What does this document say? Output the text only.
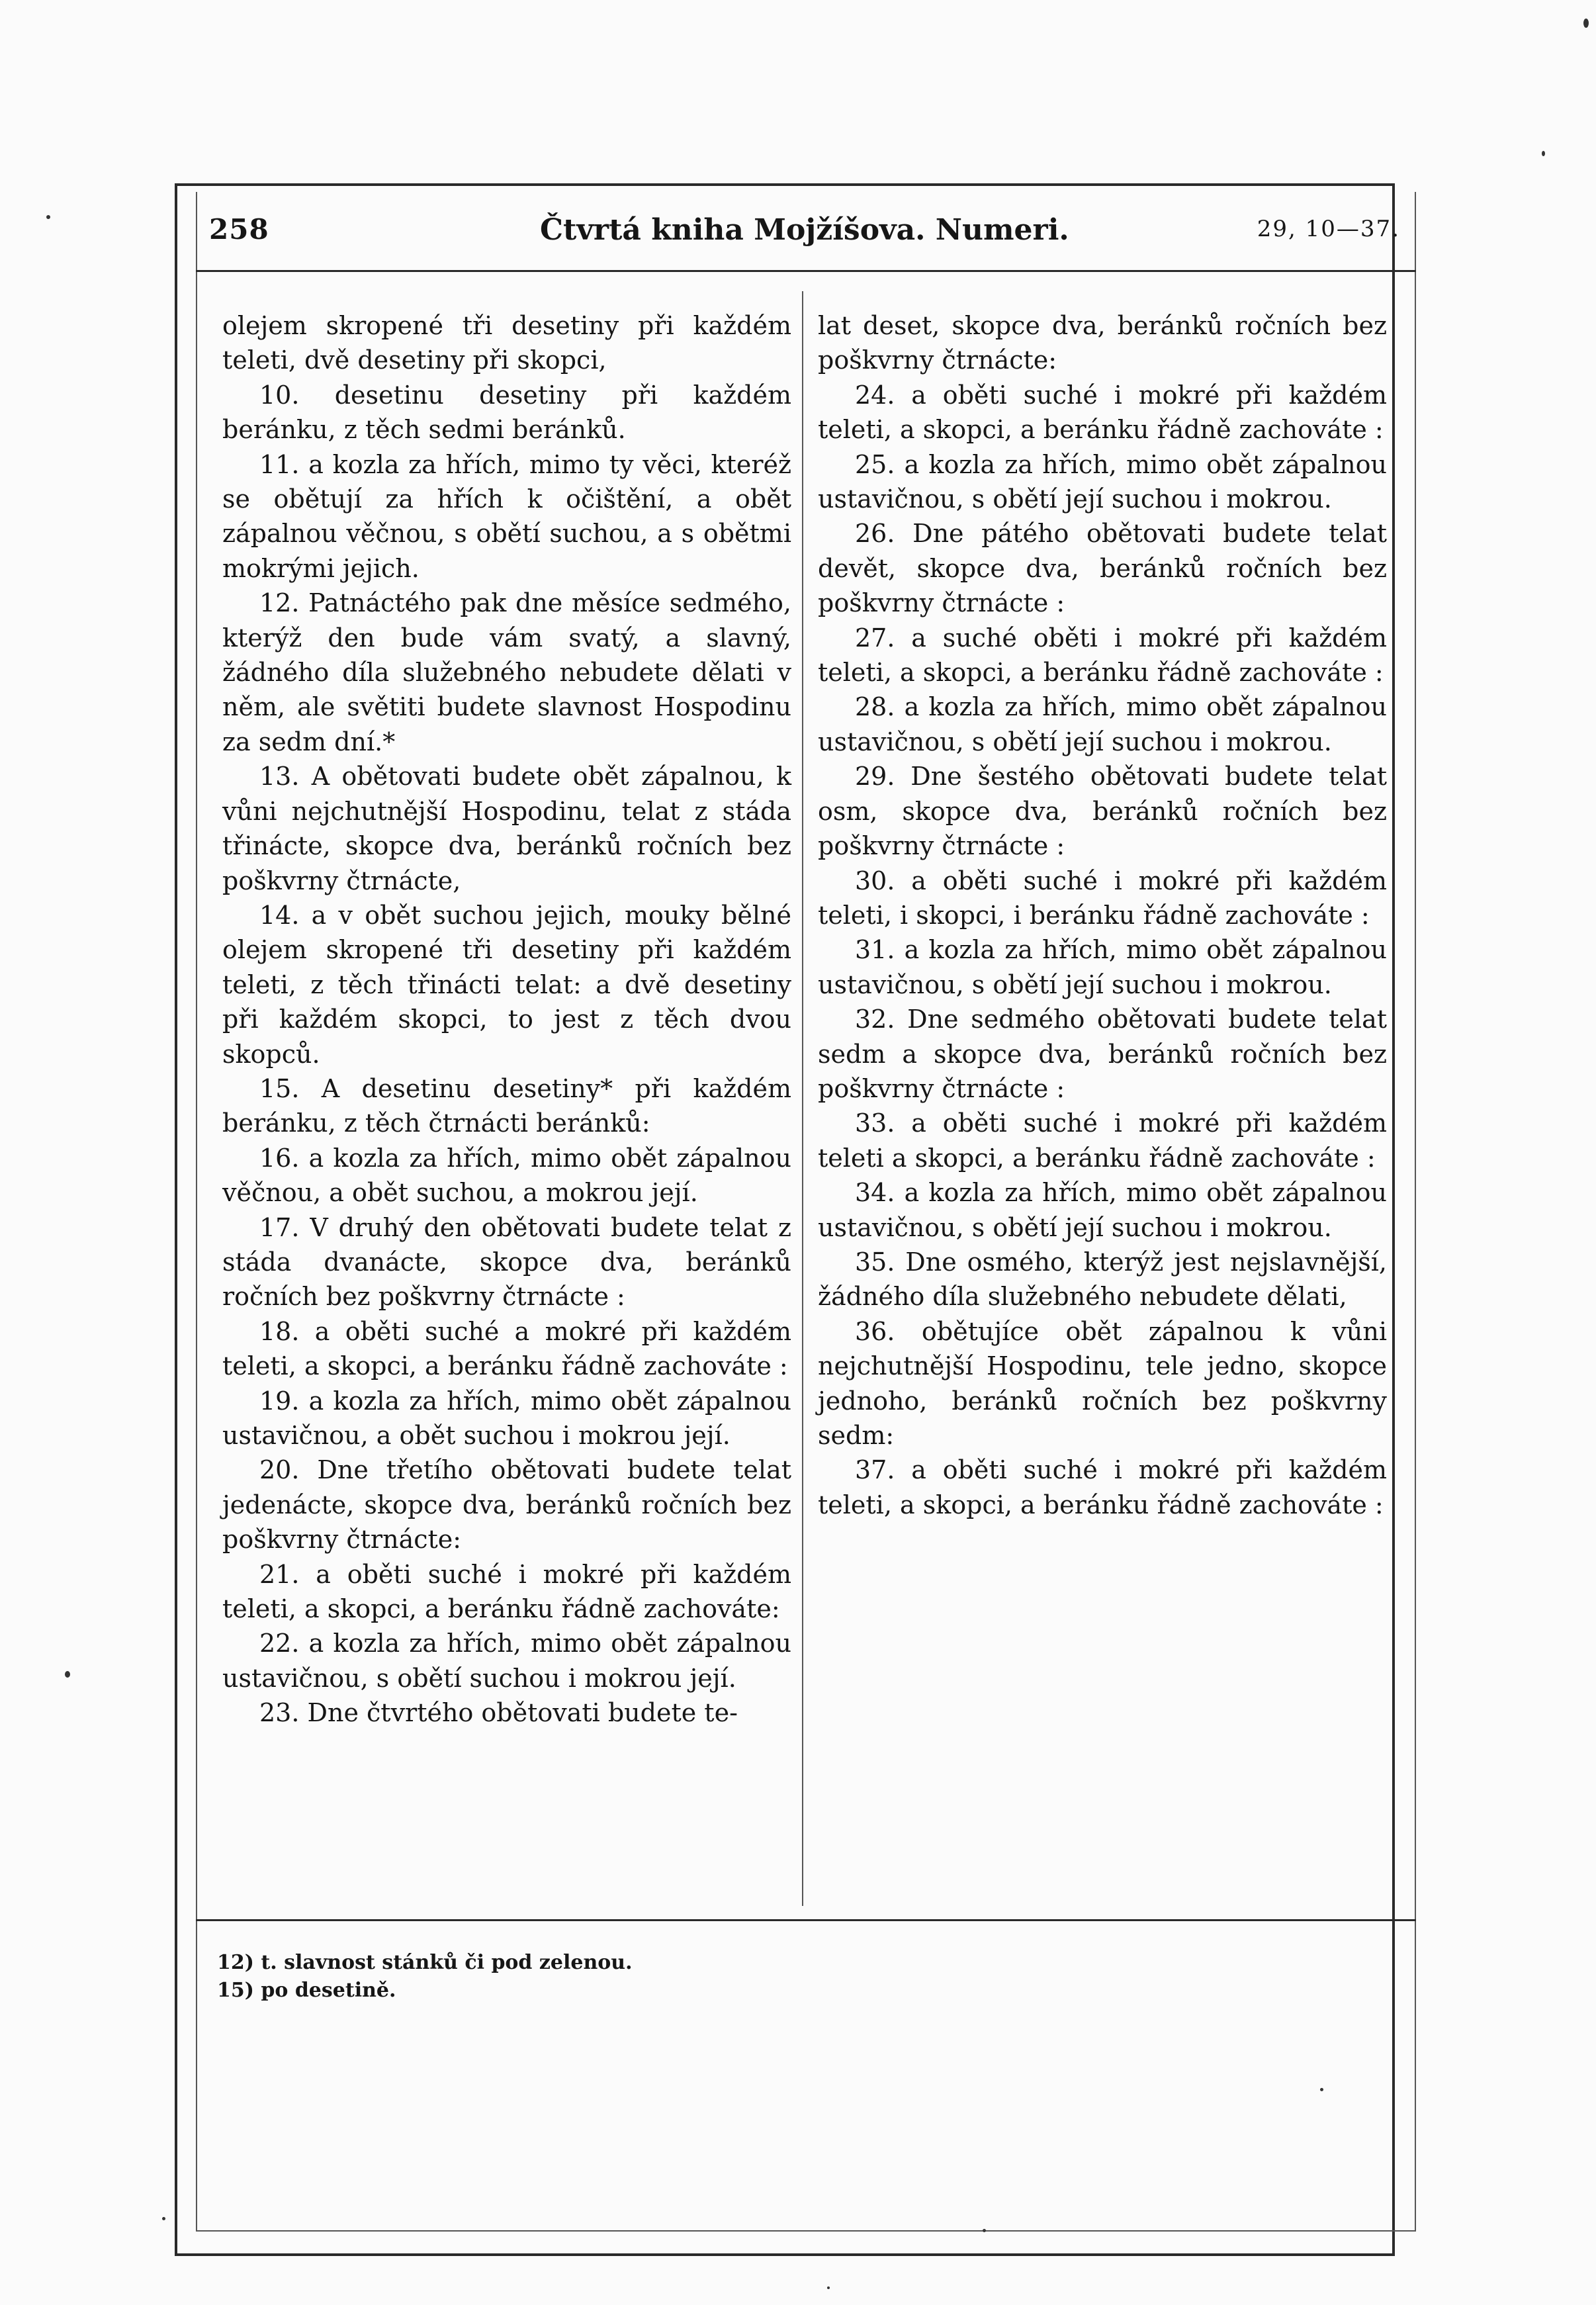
258	Čtvrtá kniha Mojžíšova. Numeri.	29, 10—37.

olejem skropené tři desetiny při každém teleti, dvě desetiny při skopci,

10. desetinu desetiny při každém beránku, z těch sedmi beránků.

11. a kozla za hřích, mimo ty věci, kteréž se obětují za hřích k očištění, a obět zápalnou věčnou, s obětí suchou, a s obětmi mokrými jejich.

12. Patnáctého pak dne měsíce sedmého, kterýž den bude vám svatý, a slavný, žádného díla služebného nebudete dělati v něm, ale světiti budete slavnost Hospodinu za sedm dní.*

13. A obětovati budete obět zápalnou, k vůni nejchutnější Hospodinu, telat z stáda třinácte, skopce dva, beránků ročních bez poškvrny čtrnácte,

14. a v obět suchou jejich, mouky bělné olejem skropené tři desetiny při každém teleti, z těch třinácti telat: a dvě desetiny při každém skopci, to jest z těch dvou skopců.

15. A desetinu desetiny* při každém beránku, z těch čtrnácti beránků:

16. a kozla za hřích, mimo obět zápalnou věčnou, a obět suchou, a mokrou její.

17. V druhý den obětovati budete telat z stáda dvanácte, skopce dva, beránků ročních bez poškvrny čtrnácte :

18. a oběti suché a mokré při každém teleti, a skopci, a beránku řádně zachováte :

19. a kozla za hřích, mimo obět zápalnou ustavičnou, a obět suchou i mokrou její.

20. Dne třetího obětovati budete telat jedenácte, skopce dva, beránků ročních bez poškvrny čtrnácte:

21. a oběti suché i mokré při každém teleti, a skopci, a beránku řádně zachováte:

22. a kozla za hřích, mimo obět zápalnou ustavičnou, s obětí suchou i mokrou její.

23. Dne čtvrtého obětovati budete te-

lat deset, skopce dva, beránků ročních bez poškvrny čtrnácte:

24. a oběti suché i mokré při každém teleti, a skopci, a beránku řádně zachováte :

25. a kozla za hřích, mimo obět zápalnou ustavičnou, s obětí její suchou i mokrou.

26. Dne pátého obětovati budete telat devět, skopce dva, beránků ročních bez poškvrny čtrnácte :

27. a suché oběti i mokré při každém teleti, a skopci, a beránku řádně zachováte :

28. a kozla za hřích, mimo obět zápalnou ustavičnou, s obětí její suchou i mokrou.

29. Dne šestého obětovati budete telat osm, skopce dva, beránků ročních bez poškvrny čtrnácte :

30. a oběti suché i mokré při každém teleti, i skopci, i beránku řádně zachováte :

31. a kozla za hřích, mimo obět zápalnou ustavičnou, s obětí její suchou i mokrou.

32. Dne sedmého obětovati budete telat sedm a skopce dva, beránků ročních bez poškvrny čtrnácte :

33. a oběti suché i mokré při každém teleti a skopci, a beránku řádně zachováte :

34. a kozla za hřích, mimo obět zápalnou ustavičnou, s obětí její suchou i mokrou.

35. Dne osmého, kterýž jest nejslavnější, žádného díla služebného nebudete dělati,

36. obětujíce obět zápalnou k vůni nejchutnější Hospodinu, tele jedno, skopce jednoho, beránků ročních bez poškvrny sedm:

37. a oběti suché i mokré při každém teleti, a skopci, a beránku řádně zachováte :

12) t. slavnost stánků či pod zelenou.

15) po desetině.
